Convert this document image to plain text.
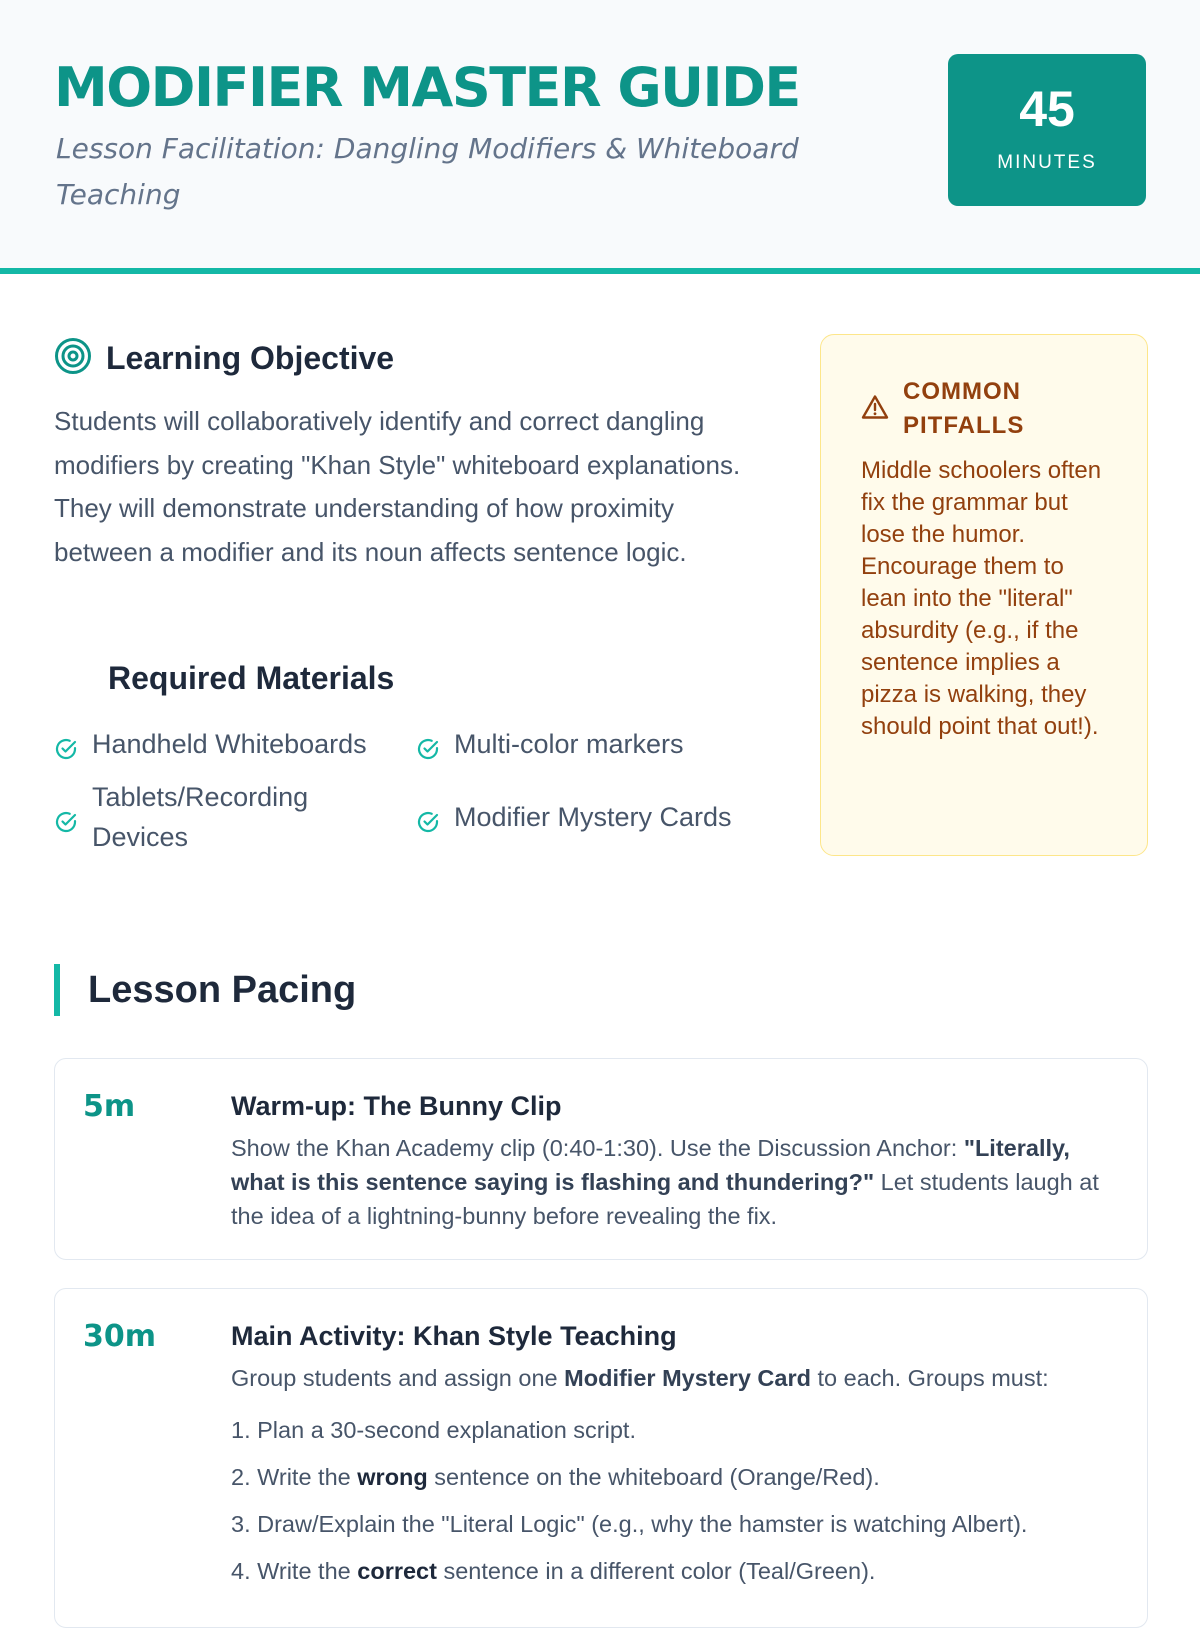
MODIFIER MASTER GUIDE
Lesson Facilitation: Dangling Modifiers & Whiteboard Teaching
45
MINUTES
Learning Objective

Students will collaboratively identify and correct dangling modifiers by creating "Khan Style" whiteboard explanations. They will demonstrate understanding of how proximity between a modifier and its noun affects sentence logic.

Required Materials
Handheld Whiteboards	Multi-color markers
Tablets/Recording Devices
Modifier Mystery Cards
COMMON PITFALLS

Middle schoolers often fix the grammar but lose the humor. Encourage them to lean into the "literal" absurdity (e.g., if the sentence implies a pizza is walking, they should point that out!).

Lesson Pacing
5m	Warm-up: The Bunny Clip

Show the Khan Academy clip (0:40-1:30). Use the Discussion Anchor: "Literally, what is this sentence saying is flashing and thundering?" Let students laugh at the idea of a lightning-bunny before revealing the fix.

30m	Main Activity: Khan Style Teaching

Group students and assign one Modifier Mystery Card to each. Groups must:

1. Plan a 30-second explanation script.
2. Write the wrong sentence on the whiteboard (Orange/Red).
3. Draw/Explain the "Literal Logic" (e.g., why the hamster is watching Albert).
4. Write the correct sentence in a different color (Teal/Green).
